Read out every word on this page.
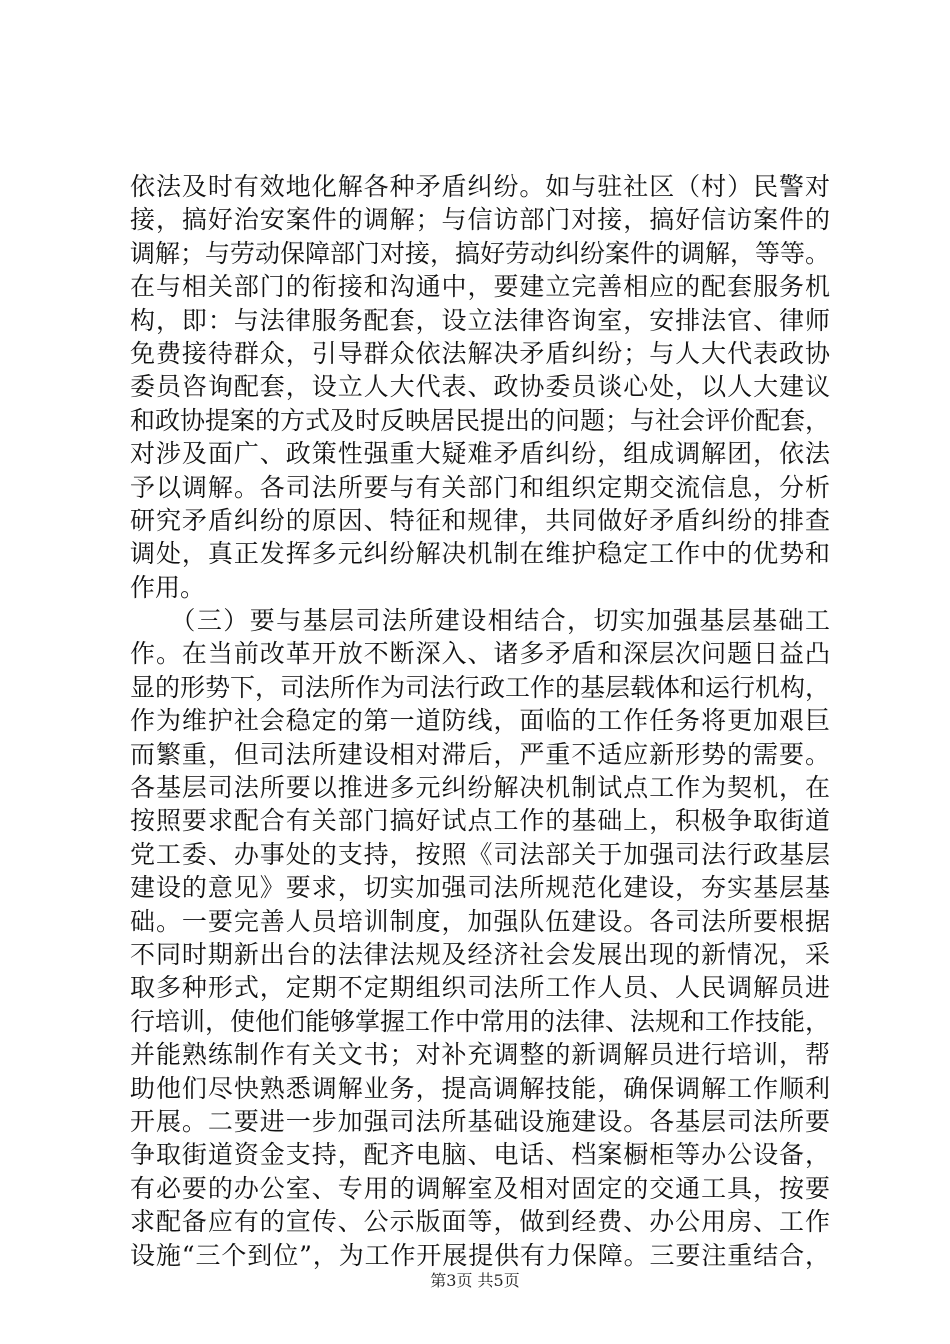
依法及时有效地化解各种矛盾纠纷。如与驻社区（村）民警对
接，搞好治安案件的调解；与信访部门对接，搞好信访案件的
调解；与劳动保障部门对接，搞好劳动纠纷案件的调解，等等。
在与相关部门的衔接和沟通中，要建立完善相应的配套服务机
构，即：与法律服务配套，设立法律咨询室，安排法官、律师
免费接待群众，引导群众依法解决矛盾纠纷；与人大代表政协
委员咨询配套，设立人大代表、政协委员谈心处，以人大建议
和政协提案的方式及时反映居民提出的问题；与社会评价配套，
对涉及面广、政策性强重大疑难矛盾纠纷，组成调解团，依法
予以调解。各司法所要与有关部门和组织定期交流信息，分析
研究矛盾纠纷的原因、特征和规律，共同做好矛盾纠纷的排查
调处，真正发挥多元纠纷解决机制在维护稳定工作中的优势和
作用。
　　（三）要与基层司法所建设相结合，切实加强基层基础工
作。在当前改革开放不断深入、诸多矛盾和深层次问题日益凸
显的形势下，司法所作为司法行政工作的基层载体和运行机构，
作为维护社会稳定的第一道防线，面临的工作任务将更加艰巨
而繁重，但司法所建设相对滞后，严重不适应新形势的需要。
各基层司法所要以推进多元纠纷解决机制试点工作为契机，在
按照要求配合有关部门搞好试点工作的基础上，积极争取街道
党工委、办事处的支持，按照《司法部关于加强司法行政基层
建设的意见》要求，切实加强司法所规范化建设，夯实基层基
础。一要完善人员培训制度，加强队伍建设。各司法所要根据
不同时期新出台的法律法规及经济社会发展出现的新情况，采
取多种形式，定期不定期组织司法所工作人员、人民调解员进
行培训，使他们能够掌握工作中常用的法律、法规和工作技能，
并能熟练制作有关文书；对补充调整的新调解员进行培训，帮
助他们尽快熟悉调解业务，提高调解技能，确保调解工作顺利
开展。二要进一步加强司法所基础设施建设。各基层司法所要
争取街道资金支持，配齐电脑、电话、档案橱柜等办公设备，
有必要的办公室、专用的调解室及相对固定的交通工具，按要
求配备应有的宣传、公示版面等，做到经费、办公用房、工作
设施“三个到位”，为工作开展提供有力保障。三要注重结合，
第3页 共5页
